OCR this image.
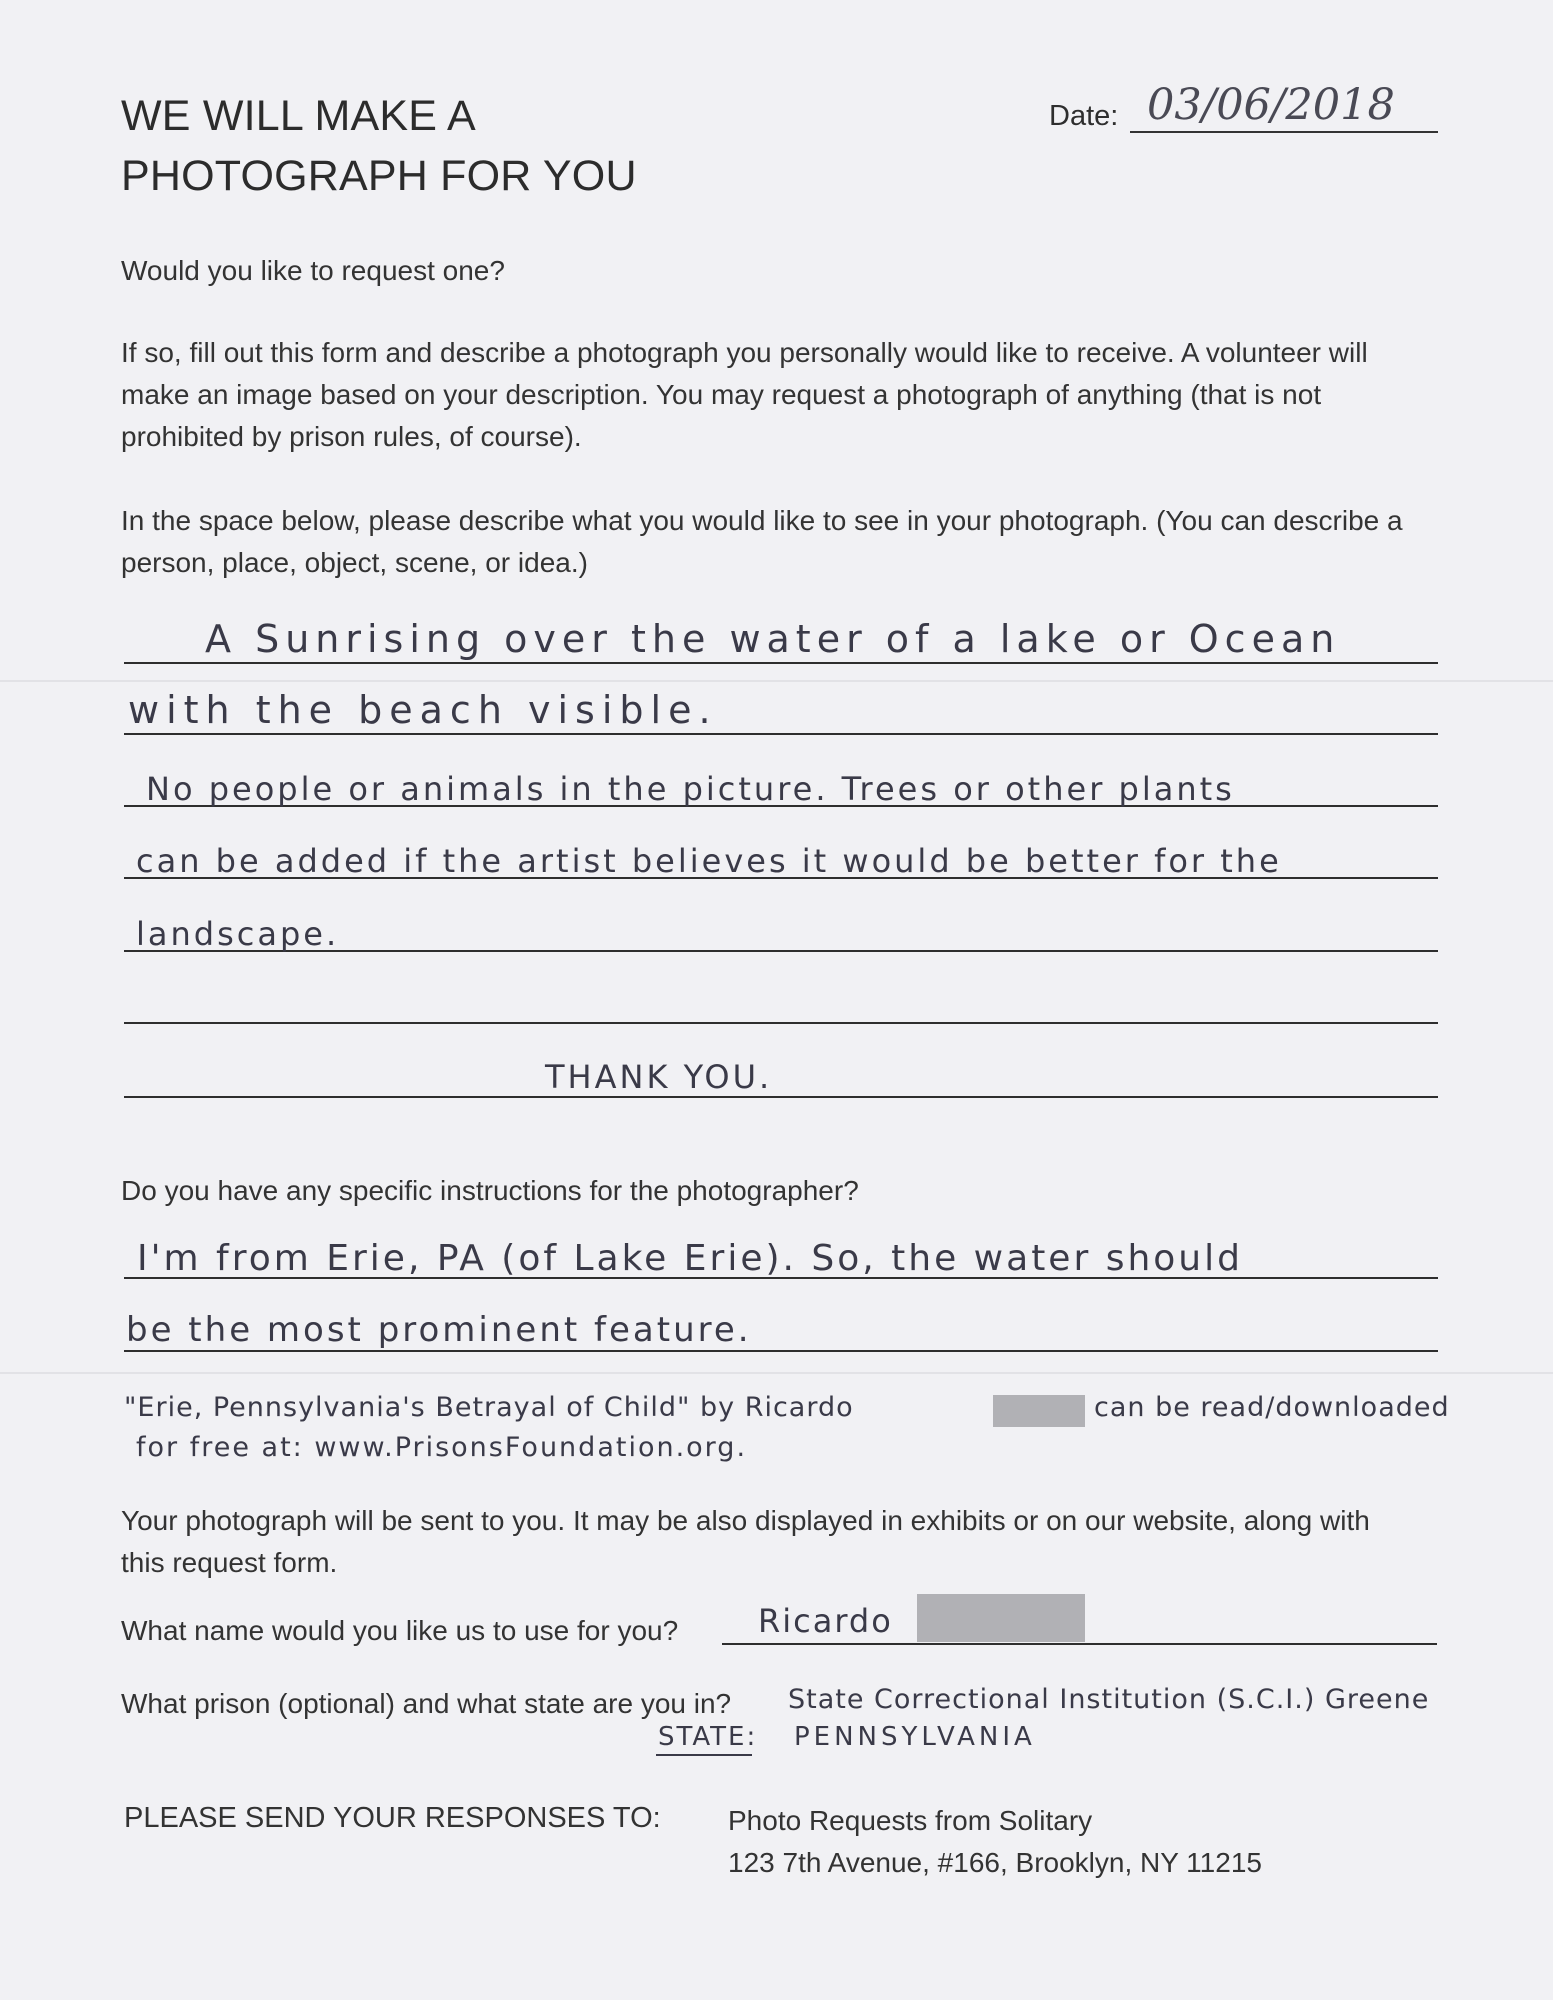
WE WILL MAKE A
PHOTOGRAPH FOR YOU
Date: 03/06/2018
Would you like to request one?
If so, fill out this form and describe a photograph you personally would like to receive. A volunteer will make an image based on your description. You may request a photograph of anything (that is not prohibited by prison rules, of course).
In the space below, please describe what you would like to see in your photograph. (You can describe a person, place, object, scene, or idea.)
A Sunrising over the water of a lake or Ocean
with the beach visible.
No people or animals in the picture. Trees or other plants
can be added if the artist believes it would be better for the
landscape.
THANK YOU.
Do you have any specific instructions for the photographer?
I'm from Erie, PA (of Lake Erie). So, the water should
be the most prominent feature.
"Erie, Pennsylvania's Betrayal of Child" by Ricardo	can be read/downloaded
for free at: www.PrisonsFoundation.org.
Your photograph will be sent to you. It may be also displayed in exhibits or on our website, along with this request form.
What name would you like us to use for you? Ricardo
What prison (optional) and what state are you in? State Correctional Institution (S.C.I.) Greene
STATE: PENNSYLVANIA
PLEASE SEND YOUR RESPONSES TO: Photo Requests from Solitary
123 7th Avenue, #166, Brooklyn, NY 11215
